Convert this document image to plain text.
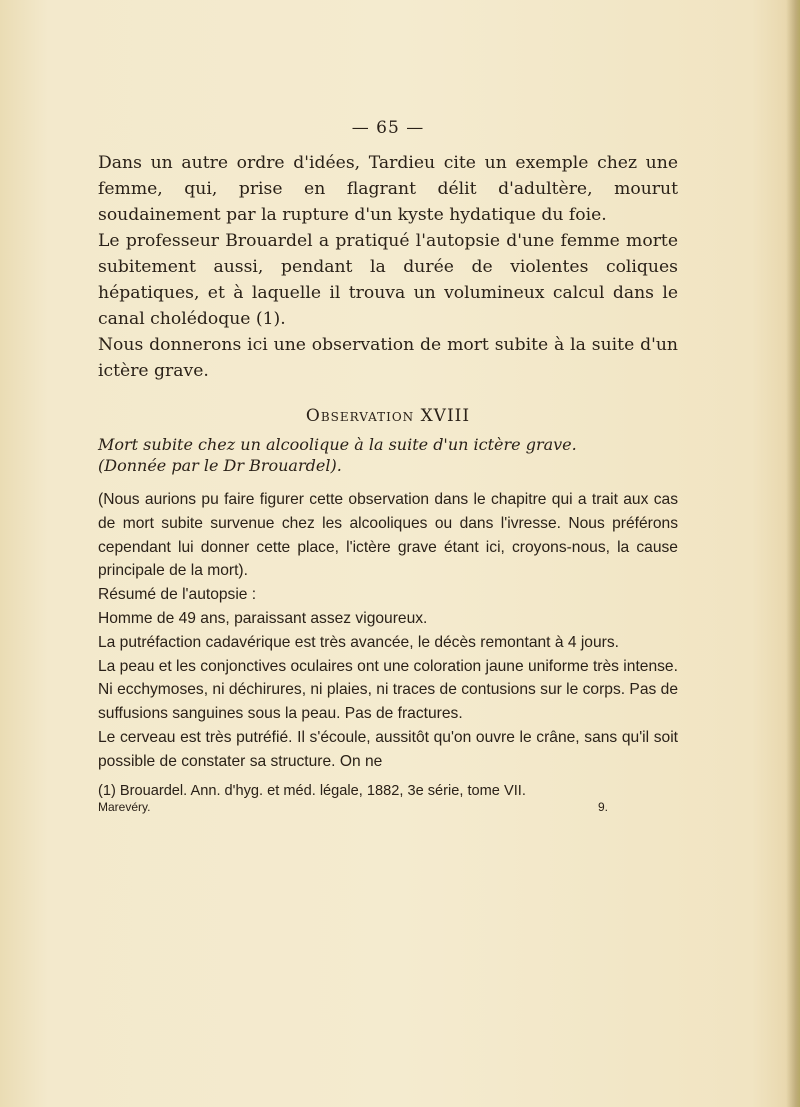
— 65 —

Dans un autre ordre d'idées, Tardieu cite un exemple chez une femme, qui, prise en flagrant délit d'adultère, mourut soudainement par la rupture d'un kyste hydatique du foie.

Le professeur Brouardel a pratiqué l'autopsie d'une femme morte subitement aussi, pendant la durée de violentes coliques hépatiques, et à laquelle il trouva un volumineux calcul dans le canal cholédoque (1).

Nous donnerons ici une observation de mort subite à la suite d'un ictère grave.

Observation XVIII

Mort subite chez un alcoolique à la suite d'un ictère grave.
(Donnée par le Dr Brouardel).

(Nous aurions pu faire figurer cette observation dans le chapitre qui a trait aux cas de mort subite survenue chez les alcooliques ou dans l'ivresse. Nous préférons cependant lui donner cette place, l'ictère grave étant ici, croyons-nous, la cause principale de la mort).

Résumé de l'autopsie :

Homme de 49 ans, paraissant assez vigoureux.

La putréfaction cadavérique est très avancée, le décès remontant à 4 jours.

La peau et les conjonctives oculaires ont une coloration jaune uniforme très intense.

Ni ecchymoses, ni déchirures, ni plaies, ni traces de contusions sur le corps. Pas de suffusions sanguines sous la peau. Pas de fractures.

Le cerveau est très putréfié. Il s'écoule, aussitôt qu'on ouvre le crâne, sans qu'il soit possible de constater sa structure. On ne

(1) Brouardel. Ann. d'hyg. et méd. légale, 1882, 3e série, tome VII.
Marevéry.	9.
